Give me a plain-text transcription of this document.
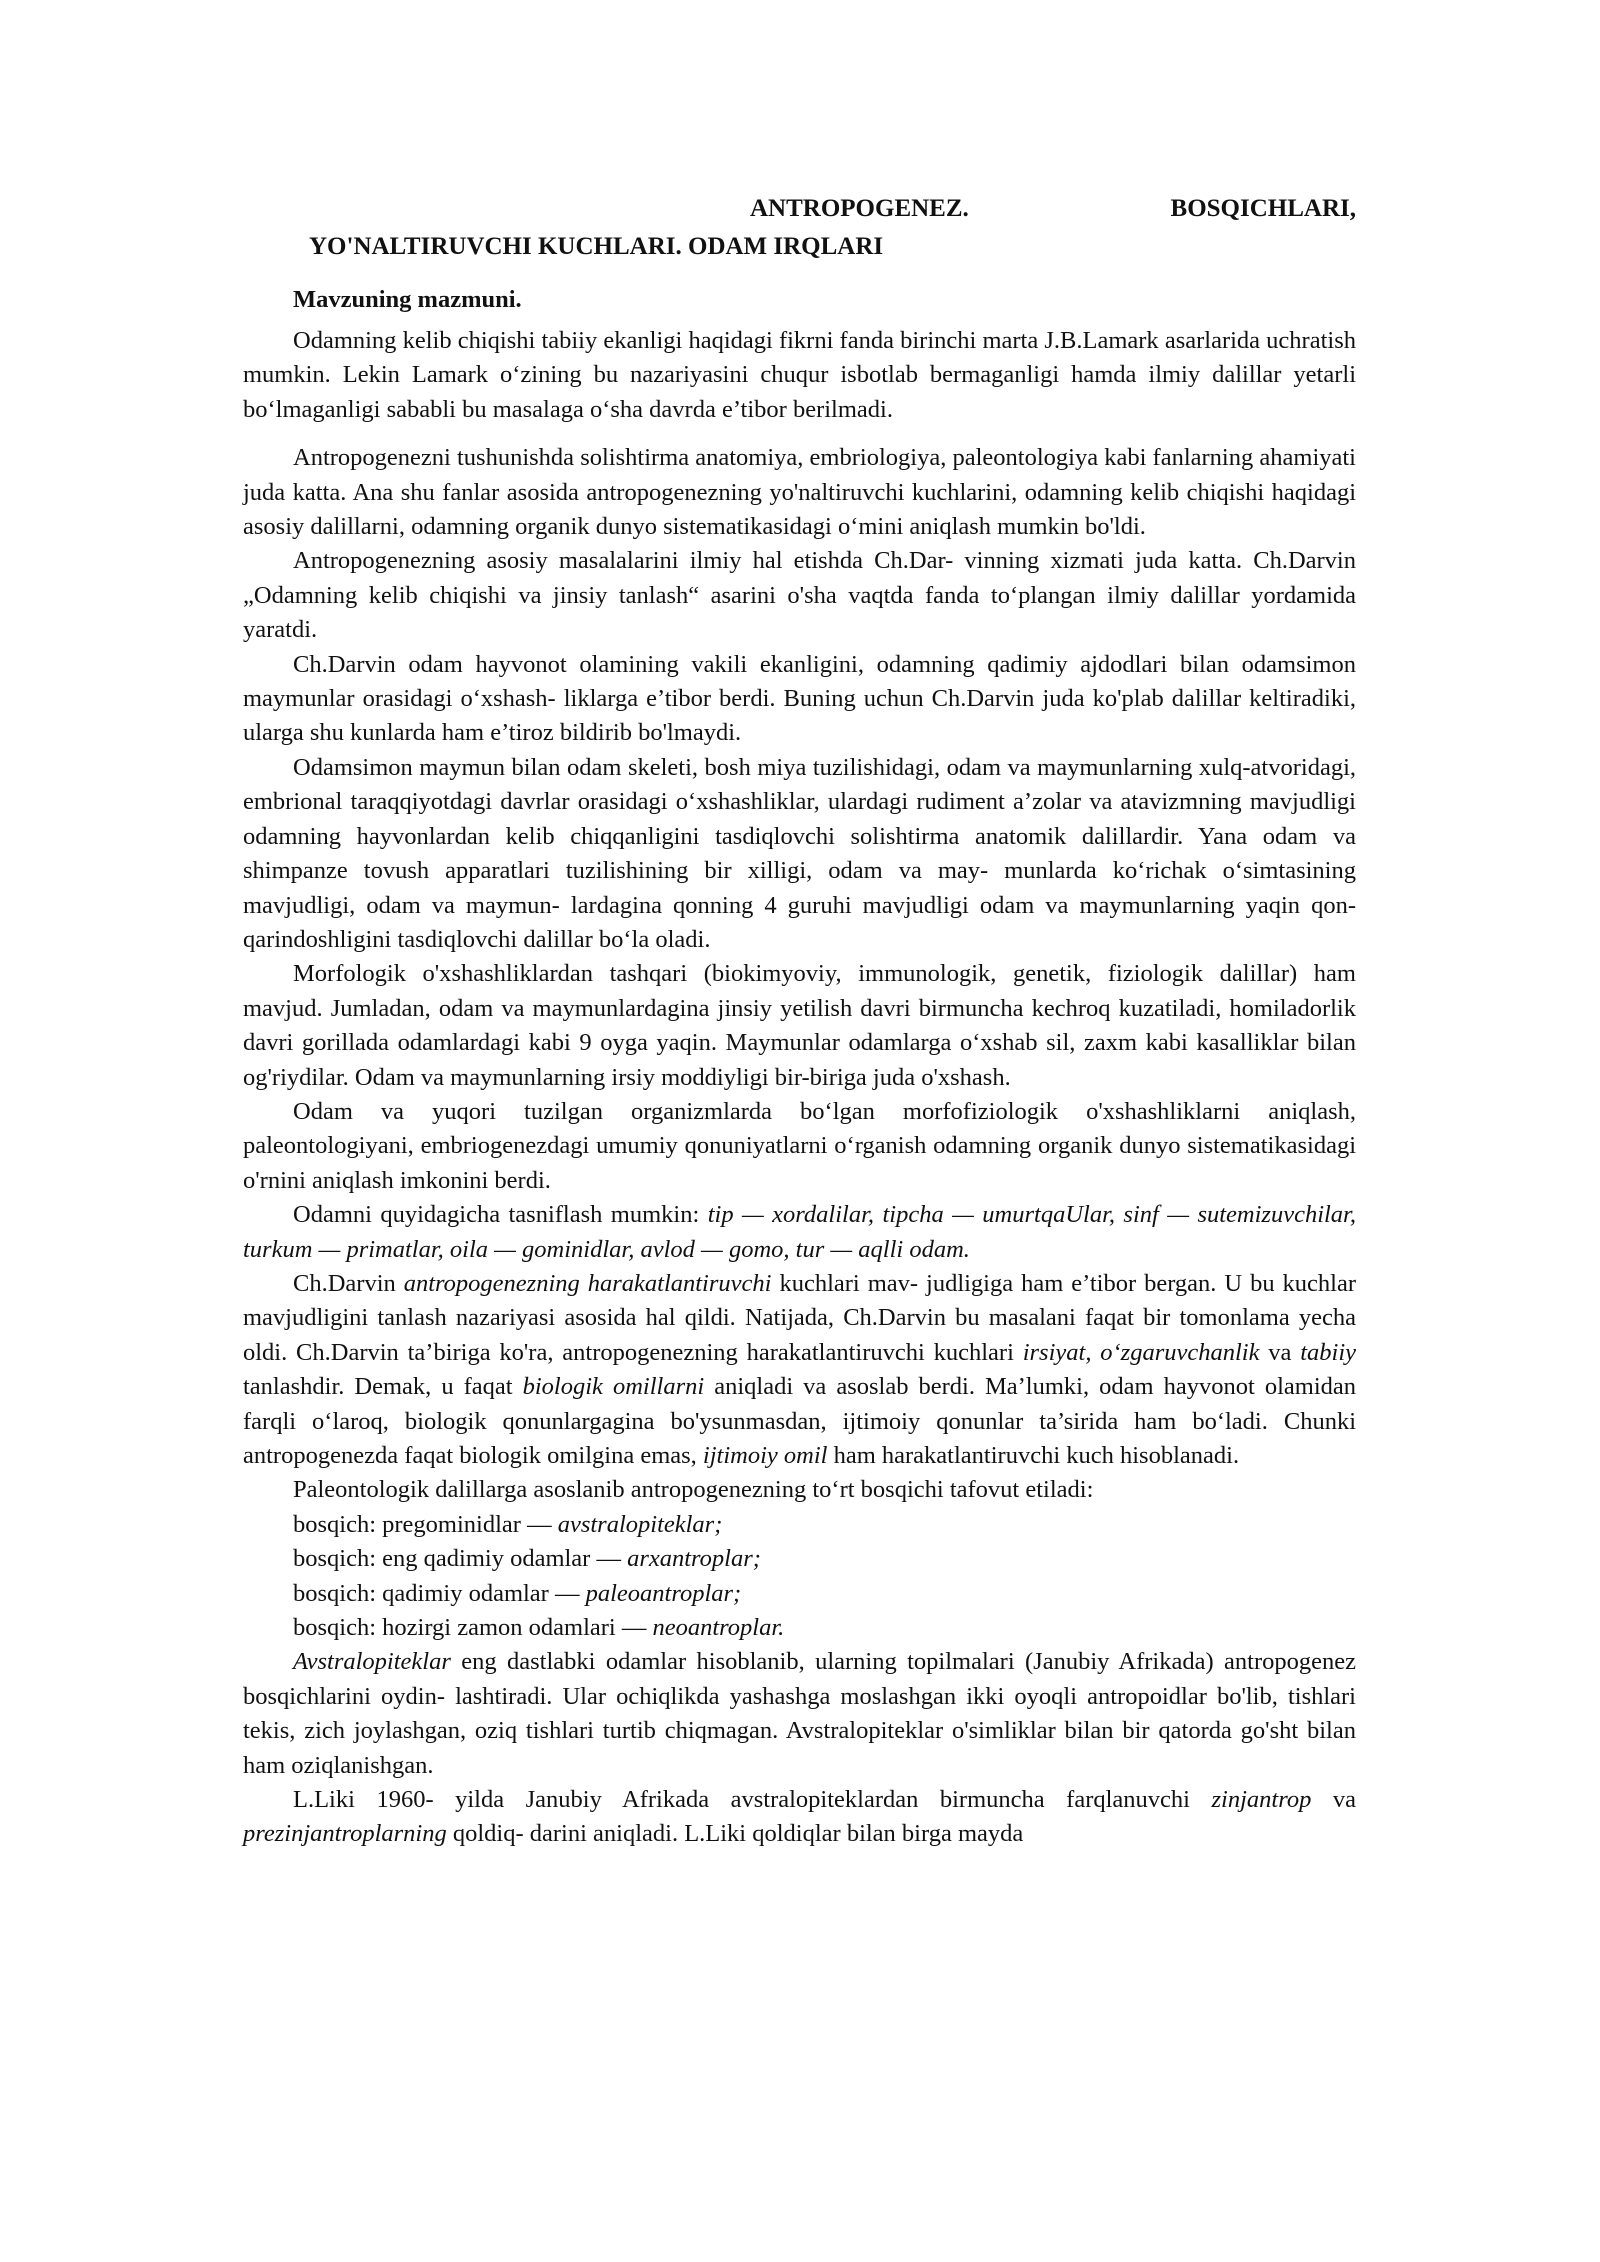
ANTROPOGENEZ.	BOSQICHLARI,
YO'NALTIRUVCHI KUCHLARI. ODAM IRQLARI
Mavzuning mazmuni.

Odamning kelib chiqishi tabiiy ekanligi haqidagi fikrni fanda birinchi marta J.B.Lamark asarlarida uchratish mumkin. Lekin Lamark o‘zining bu nazariyasini chuqur isbotlab bermaganligi hamda ilmiy dalillar yetarli bo‘lmaganligi sababli bu masalaga o‘sha davrda e’tibor berilmadi.

Antropogenezni tushunishda solishtirma anatomiya, embriologiya, paleontologiya kabi fanlarning ahamiyati juda katta. Ana shu fanlar asosida antropogenezning yo'naltiruvchi kuchlarini, odamning kelib chiqishi haqidagi asosiy dalillarni, odamning organik dunyo sistematikasidagi o‘mini aniqlash mumkin bo'ldi.

Antropogenezning asosiy masalalarini ilmiy hal etishda Ch.Dar- vinning xizmati juda katta. Ch.Darvin „Odamning kelib chiqishi va jinsiy tanlash“ asarini o'sha vaqtda fanda to‘plangan ilmiy dalillar yordamida yaratdi.

Ch.Darvin odam hayvonot olamining vakili ekanligini, odamning qadimiy ajdodlari bilan odamsimon maymunlar orasidagi o‘xshash- liklarga e’tibor berdi. Buning uchun Ch.Darvin juda ko'plab dalillar keltiradiki, ularga shu kunlarda ham e’tiroz bildirib bo'lmaydi.

Odamsimon maymun bilan odam skeleti, bosh miya tuzilishidagi, odam va maymunlarning xulq-atvoridagi, embrional taraqqiyotdagi davrlar orasidagi o‘xshashliklar, ulardagi rudiment a’zolar va atavizmning mavjudligi odamning hayvonlardan kelib chiqqanligini tasdiqlovchi solishtirma anatomik dalillardir. Yana odam va shimpanze tovush apparatlari tuzilishining bir xilligi, odam va may- munlarda ko‘richak o‘simtasining mavjudligi, odam va maymun- lardagina qonning 4 guruhi mavjudligi odam va maymunlarning yaqin qon-qarindoshligini tasdiqlovchi dalillar bo‘la oladi.

Morfologik o'xshashliklardan tashqari (biokimyoviy, immunologik, genetik, fiziologik dalillar) ham mavjud. Jumladan, odam va maymunlardagina jinsiy yetilish davri birmuncha kechroq kuzatiladi, homiladorlik davri gorillada odamlardagi kabi 9 oyga yaqin. Maymunlar odamlarga o‘xshab sil, zaxm kabi kasalliklar bilan og'riydilar. Odam va maymunlarning irsiy moddiyligi bir-biriga juda o'xshash.

Odam va yuqori tuzilgan organizmlarda bo‘lgan morfofiziologik o'xshashliklarni aniqlash, paleontologiyani, embriogenezdagi umumiy qonuniyatlarni o‘rganish odamning organik dunyo sistematikasidagi o'rnini aniqlash imkonini berdi.

Odamni quyidagicha tasniflash mumkin: tip — xordalilar, tipcha — umurtqaUlar, sinf — sutemizuvchilar, turkum — primatlar, oila — gominidlar, avlod — gomo, tur — aqlli odam.

Ch.Darvin antropogenezning harakatlantiruvchi kuchlari mav- judligiga ham e’tibor bergan. U bu kuchlar mavjudligini tanlash nazariyasi asosida hal qildi. Natijada, Ch.Darvin bu masalani faqat bir tomonlama yecha oldi. Ch.Darvin ta’biriga ko'ra, antropogenezning harakatlantiruvchi kuchlari irsiyat, o‘zgaruvchanlik va tabiiy tanlashdir. Demak, u faqat biologik omillarni aniqladi va asoslab berdi. Ma’lumki, odam hayvonot olamidan farqli o‘laroq, biologik qonunlargagina bo'ysunmasdan, ijtimoiy qonunlar ta’sirida ham bo‘ladi. Chunki antropogenezda faqat biologik omilgina emas, ijtimoiy omil ham harakatlantiruvchi kuch hisoblanadi.

Paleontologik dalillarga asoslanib antropogenezning to‘rt bosqichi tafovut etiladi:

bosqich: pregominidlar — avstralopiteklar;

bosqich: eng qadimiy odamlar — arxantroplar;

bosqich: qadimiy odamlar — paleoantroplar;

bosqich: hozirgi zamon odamlari — neoantroplar.

Avstralopiteklar eng dastlabki odamlar hisoblanib, ularning topilmalari (Janubiy Afrikada) antropogenez bosqichlarini oydin- lashtiradi. Ular ochiqlikda yashashga moslashgan ikki oyoqli antropoidlar bo'lib, tishlari tekis, zich joylashgan, oziq tishlari turtib chiqmagan. Avstralopiteklar o'simliklar bilan bir qatorda go'sht bilan ham oziqlanishgan.

L.Liki 1960- yilda Janubiy Afrikada avstralopiteklardan birmuncha farqlanuvchi zinjantrop va prezinjantroplarning qoldiq- darini aniqladi. L.Liki qoldiqlar bilan birga mayda
